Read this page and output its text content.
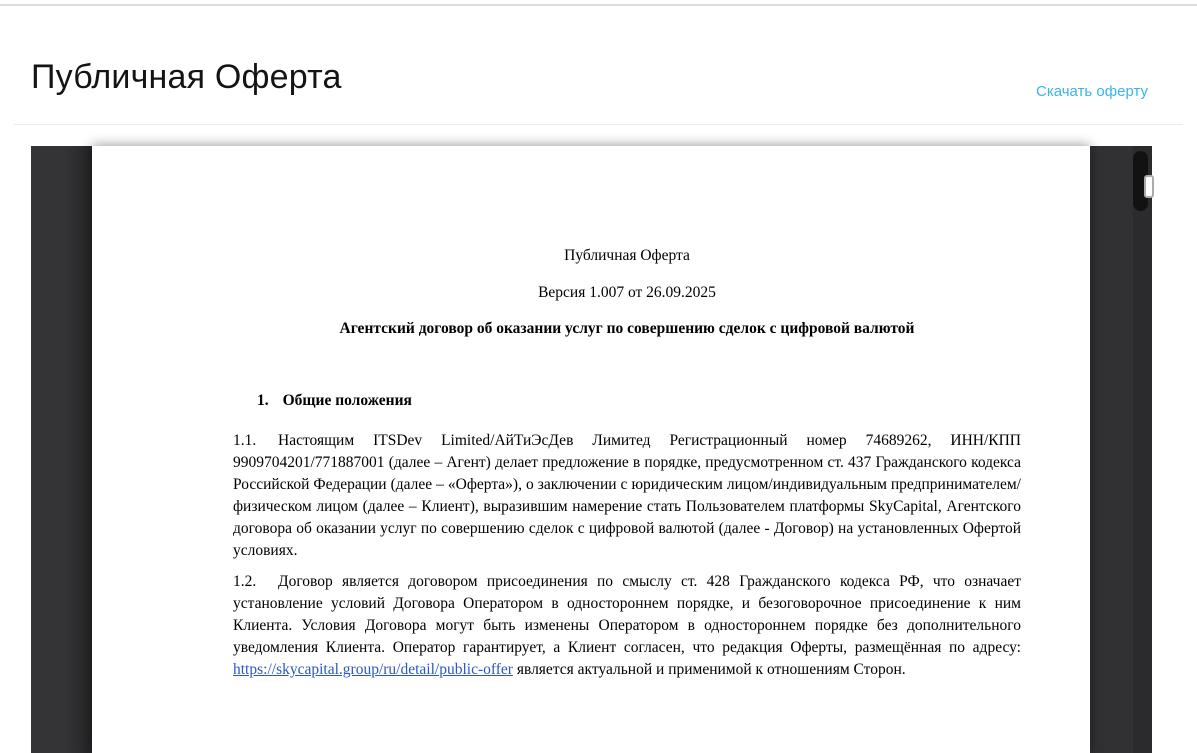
Публичная Оферта	Скачать оферту
Публичная Оферта
Версия 1.007 от 26.09.2025
Агентский договор об оказании услуг по совершению сделок с цифровой валютой
1. Общие положения

1.1. Настоящим ITSDev Limited/АйТиЭсДев Лимитед Регистрационный номер 74689262, ИНН/КПП 9909704201/771887001 (далее – Агент) делает предложение в порядке, предусмотренном ст. 437 Гражданского кодекса Российской Федерации (далее – «Оферта»), о заключении с юридическим лицом/индивидуальным предпринимателем/физическом лицом (далее – Клиент), выразившим намерение стать Пользователем платформы SkyCapital, Агентского договора об оказании услуг по совершению сделок с цифровой валютой (далее - Договор) на установленных Офертой условиях.

1.2. Договор является договором присоединения по смыслу ст. 428 Гражданского кодекса РФ, что означает установление условий Договора Оператором в одностороннем порядке, и безоговорочное присоединение к ним Клиента. Условия Договора могут быть изменены Оператором в одностороннем порядке без дополнительного уведомления Клиента. Оператор гарантирует, а Клиент согласен, что редакция Оферты, размещённая по адресу: https://skycapital.group/ru/detail/public-offer является актуальной и применимой к отношениям Сторон.
